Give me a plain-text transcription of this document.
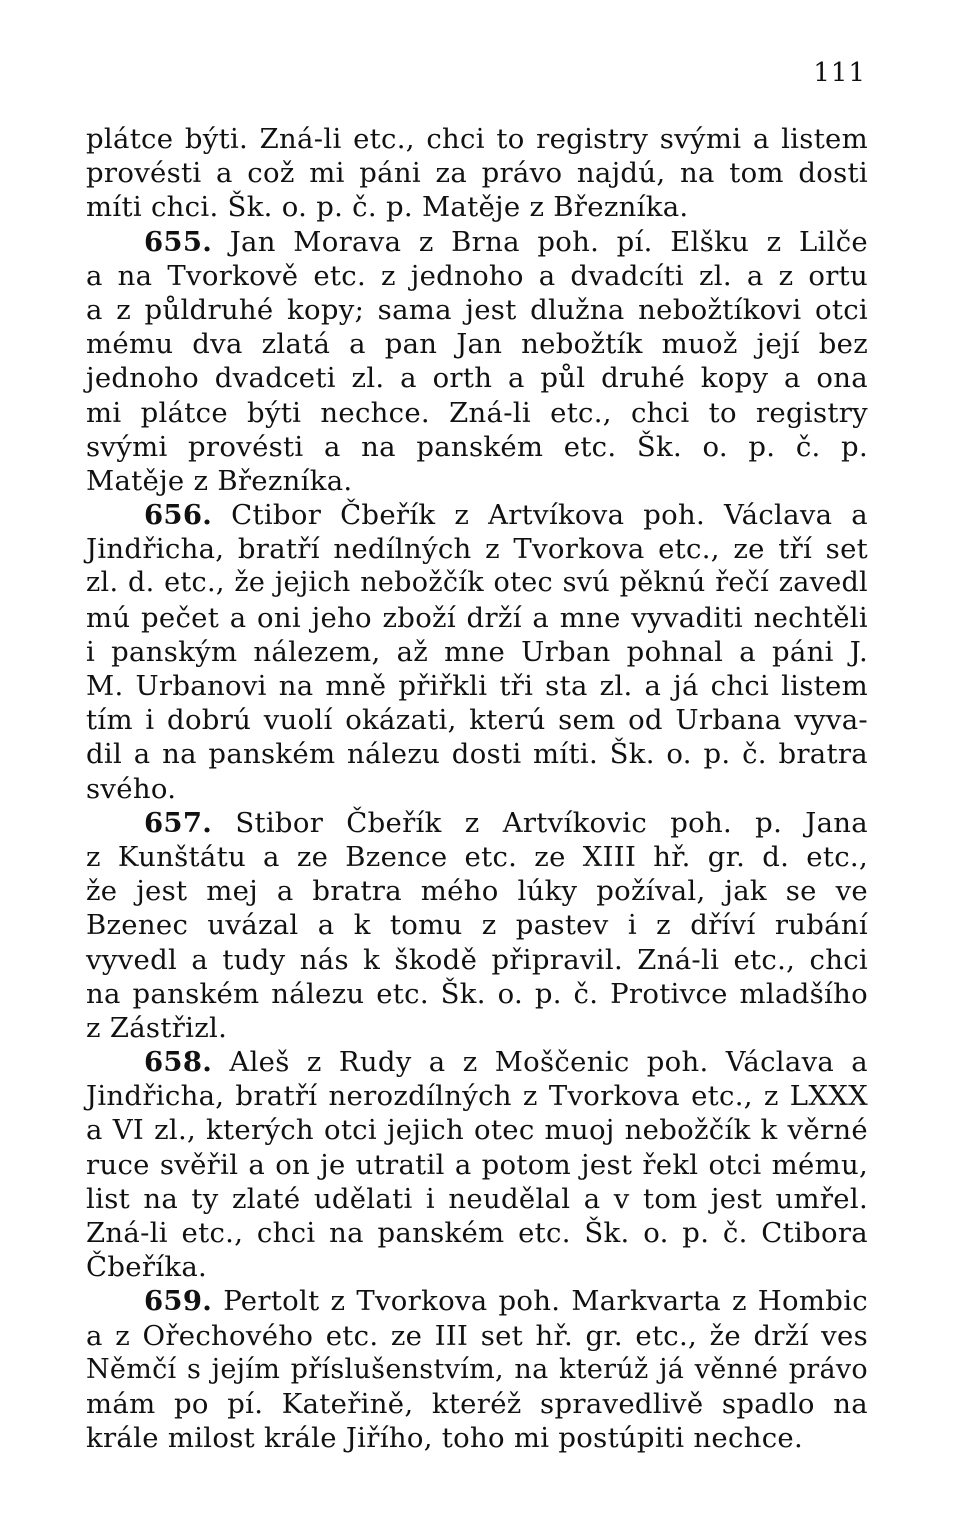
111
plátce býti. Zná-li etc., chci to registry svými a listem
provésti a což mi páni za právo najdú, na tom dosti
míti chci. Šk. o. p. č. p. Matěje z Březníka.
655. Jan Morava z Brna poh. pí. Elšku z Lilče
a na Tvorkově etc. z jednoho a dvadcíti zl. a z ortu
a z půldruhé kopy; sama jest dlužna nebožtíkovi otci
mému dva zlatá a pan Jan nebožtík muož její bez
jednoho dvadceti zl. a orth a půl druhé kopy a ona
mi plátce býti nechce. Zná-li etc., chci to registry
svými provésti a na panském etc. Šk. o. p. č. p.
Matěje z Březníka.
656. Ctibor Čbeřík z Artvíkova poh. Václava a
Jindřicha, bratří nedílných z Tvorkova etc., ze tří set
zl. d. etc., že jejich nebožčík otec svú pěknú řečí zavedl
mú pečet a oni jeho zboží drží a mne vyvaditi nechtěli
i panským nálezem, až mne Urban pohnal a páni J.
M. Urbanovi na mně přiřkli tři sta zl. a já chci listem
tím i dobrú vuolí okázati, kterú sem od Urbana vyva-
dil a na panském nálezu dosti míti. Šk. o. p. č. bratra
svého.
657. Stibor Čbeřík z Artvíkovic poh. p. Jana
z Kunštátu a ze Bzence etc. ze XIII hř. gr. d. etc.,
že jest mej a bratra mého lúky požíval, jak se ve
Bzenec uvázal a k tomu z pastev i z dříví rubání
vyvedl a tudy nás k škodě připravil. Zná-li etc., chci
na panském nálezu etc. Šk. o. p. č. Protivce mladšího
z Zástřizl.
658. Aleš z Rudy a z Moščenic poh. Václava a
Jindřicha, bratří nerozdílných z Tvorkova etc., z LXXX
a VI zl., kterých otci jejich otec muoj nebožčík k věrné
ruce svěřil a on je utratil a potom jest řekl otci mému,
list na ty zlaté udělati i neudělal a v tom jest umřel.
Zná-li etc., chci na panském etc. Šk. o. p. č. Ctibora
Čbeříka.
659. Pertolt z Tvorkova poh. Markvarta z Hombic
a z Ořechového etc. ze III set hř. gr. etc., že drží ves
Němčí s jejím příslušenstvím, na kterúž já věnné právo
mám po pí. Kateřině, kteréž spravedlivě spadlo na
krále milost krále Jiřího, toho mi postúpiti nechce.
